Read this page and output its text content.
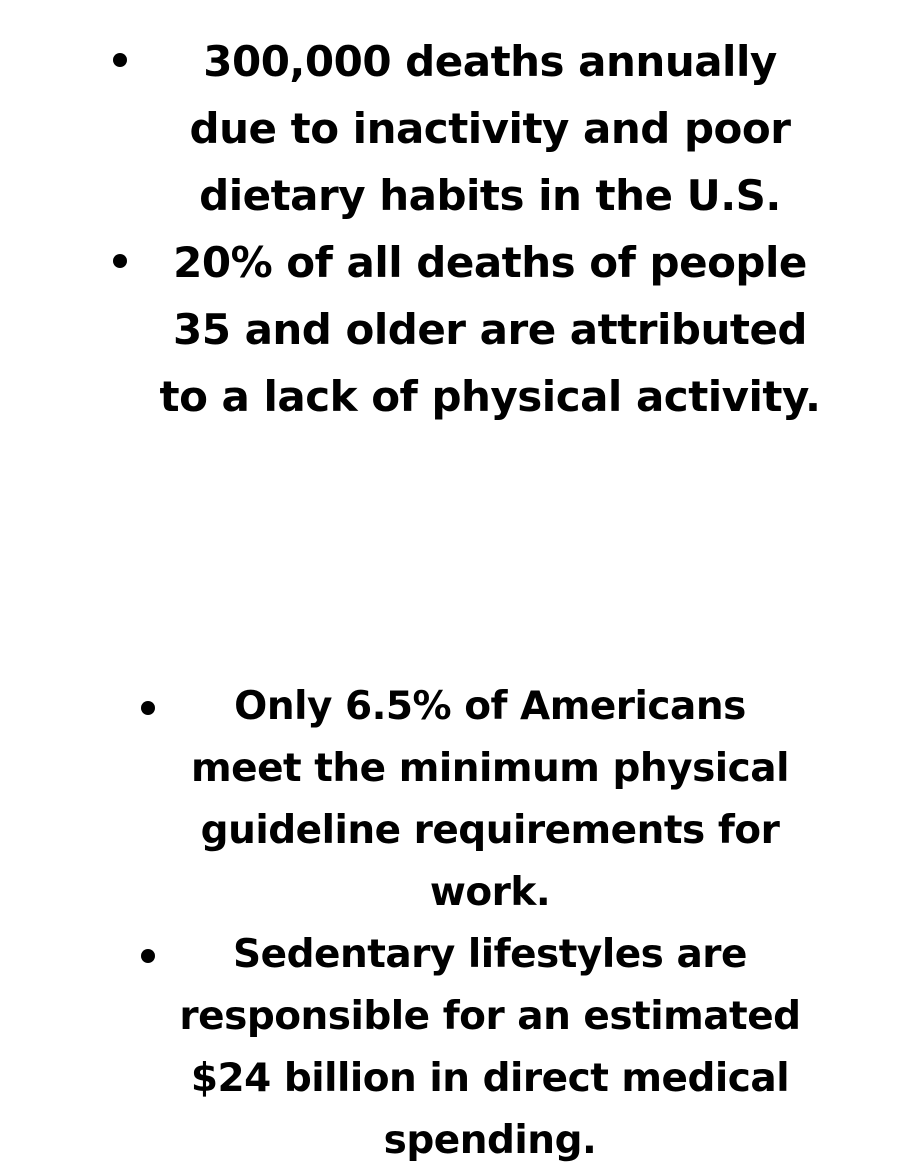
300,000 deaths annually
due to inactivity and poor
dietary habits in the U.S.
20% of all deaths of people
35 and older are attributed
to a lack of physical activity.
Only 6.5% of Americans
meet the minimum physical
guideline requirements for
work.
Sedentary lifestyles are
responsible for an estimated
$24 billion in direct medical
spending.
